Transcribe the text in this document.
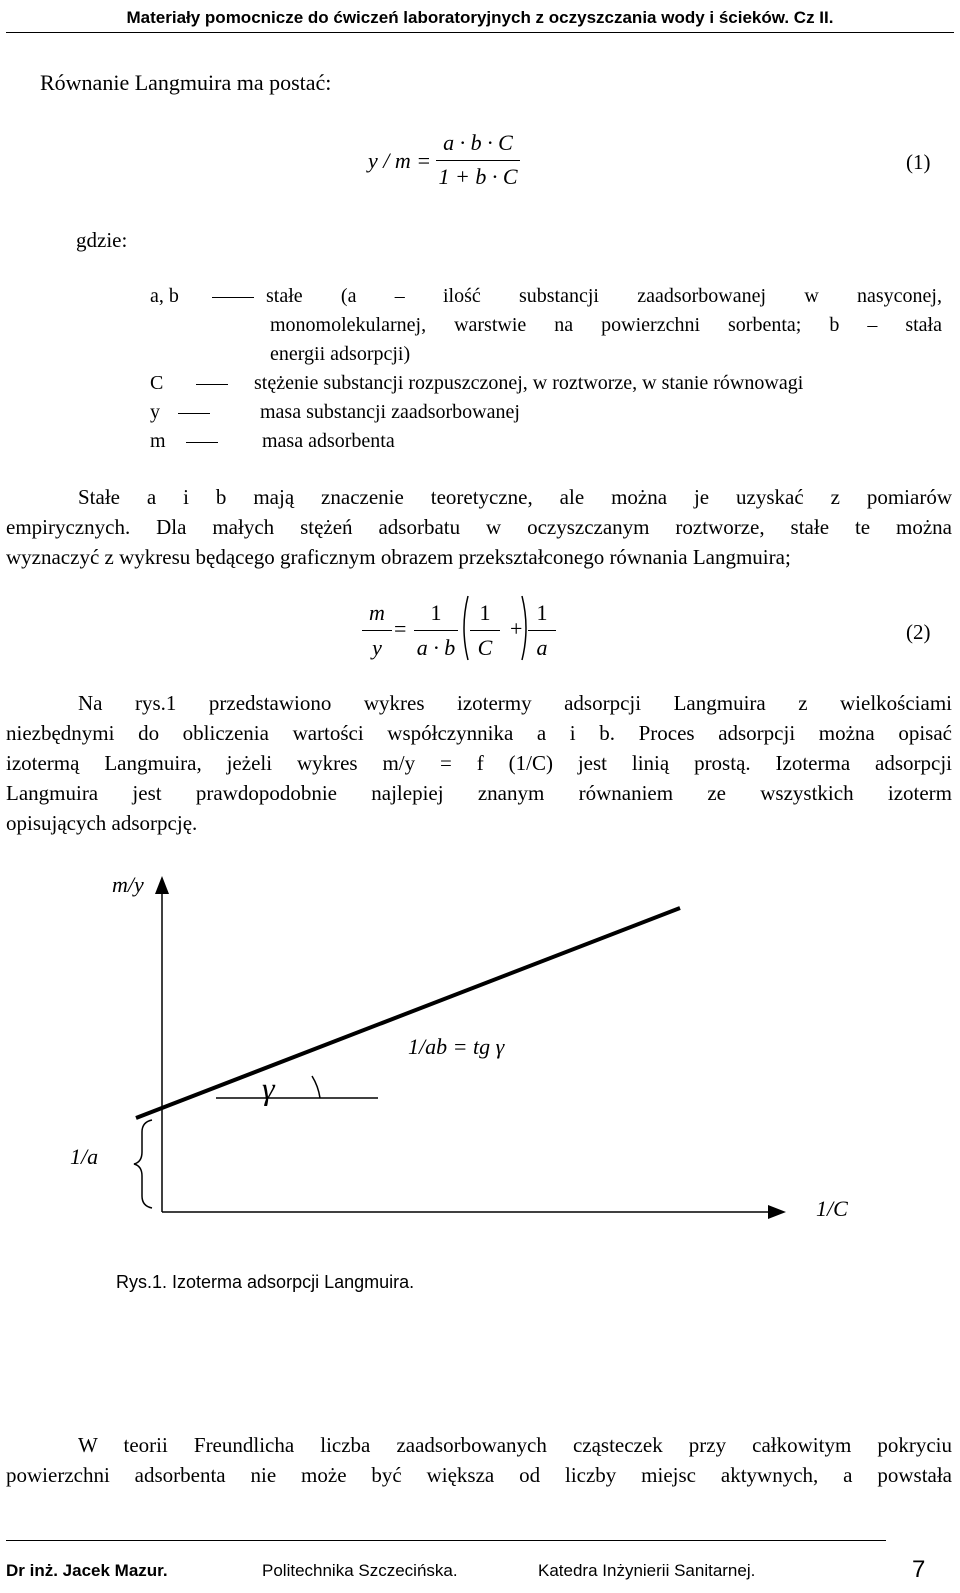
Materiały pomocnicze do ćwiczeń laboratoryjnych z oczyszczania wody i ścieków. Cz II.
Równanie Langmuira ma postać:
y / m =
a · b · C
1 + b · C
(1)
gdzie:
a, b	stałe (a – ilość substancji zaadsorbowanej w nasyconej,
monomolekularnej, warstwie na powierzchni sorbenta; b – stała
energii adsorpcji)
C	stężenie substancji rozpuszczonej, w roztworze, w stanie równowagi
y	masa substancji zaadsorbowanej
m	masa adsorbenta
Stałe a i b mają znaczenie teoretyczne, ale można je uzyskać z pomiarów
empirycznych. Dla małych stężeń adsorbatu w oczyszczanym roztworze, stałe te można
wyznaczyć z wykresu będącego graficznym obrazem przekształconego równania Langmuira;
m
y
=
1
a · b
1
C
+
1
a
(2)
Na rys.1 przedstawiono wykres izotermy adsorpcji Langmuira z wielkościami
niezbędnymi do obliczenia wartości współczynnika a i b. Proces adsorpcji można opisać
izotermą Langmuira, jeżeli wykres m/y = f (1/C) jest linią prostą. Izoterma adsorpcji
Langmuira jest prawdopodobnie najlepiej znanym równaniem ze wszystkich izoterm
opisujących adsorpcję.
m/y
1/C
1/a
γ
1/ab = tg γ
Rys.1. Izoterma adsorpcji Langmuira.
W teorii Freundlicha liczba zaadsorbowanych cząsteczek przy całkowitym pokryciu
powierzchni adsorbenta nie może być większa od liczby miejsc aktywnych, a powstała
Dr inż. Jacek Mazur.	Politechnika Szczecińska.	Katedra Inżynierii Sanitarnej.	7
